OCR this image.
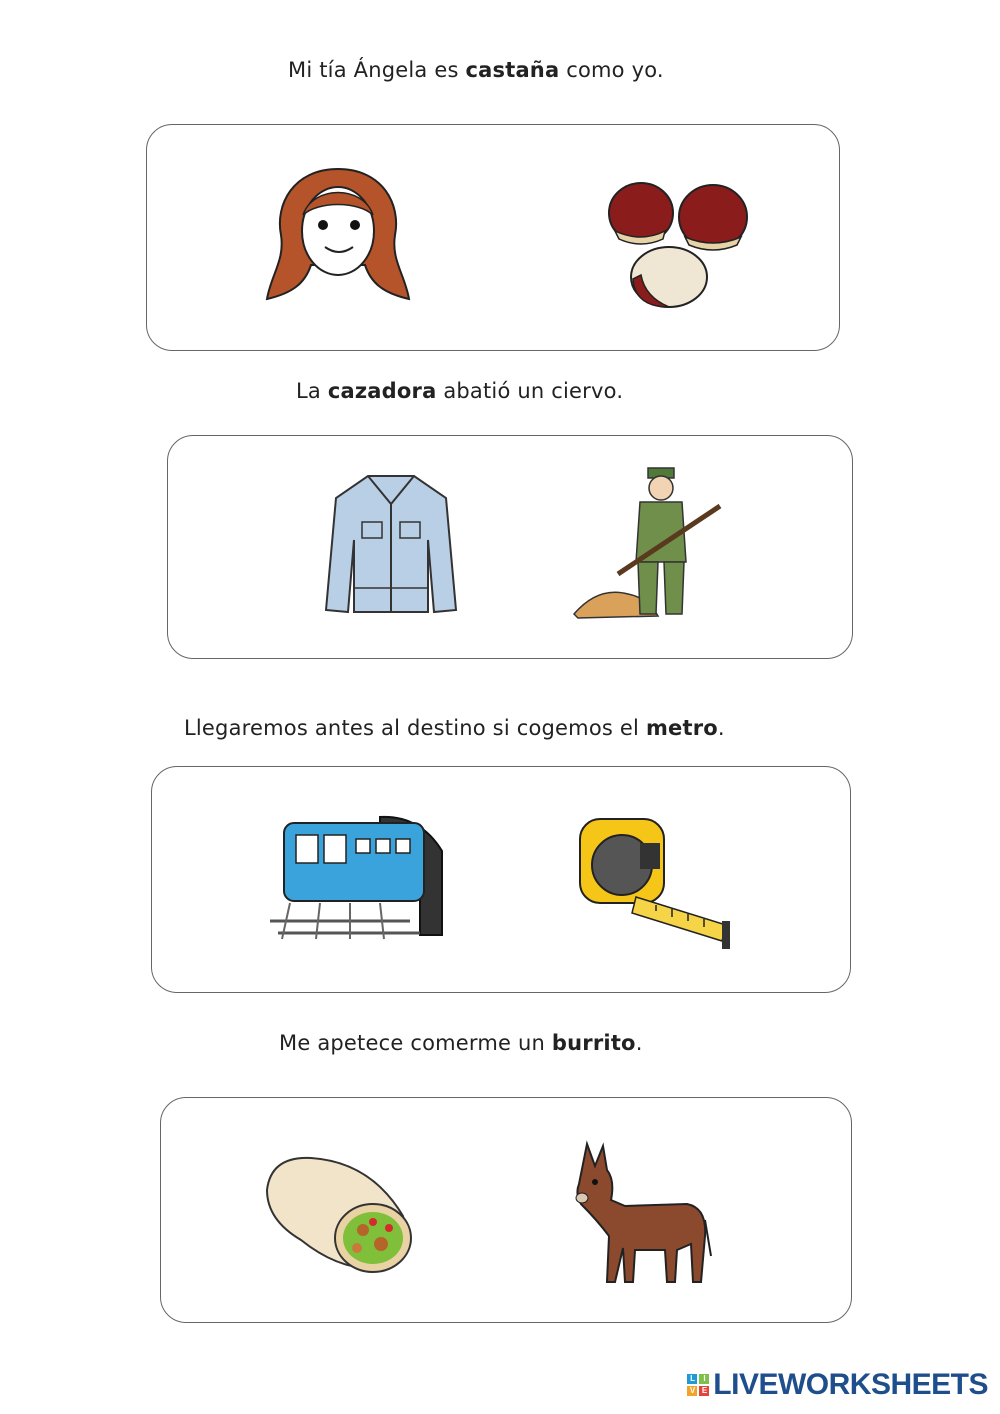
Mi tía Ángela es castaña como yo.
La cazadora abatió un ciervo.
Llegaremos antes al destino si cogemos el metro.
Me apetece comerme un burrito.
L	I
V E LIVEWORKSHEETS
